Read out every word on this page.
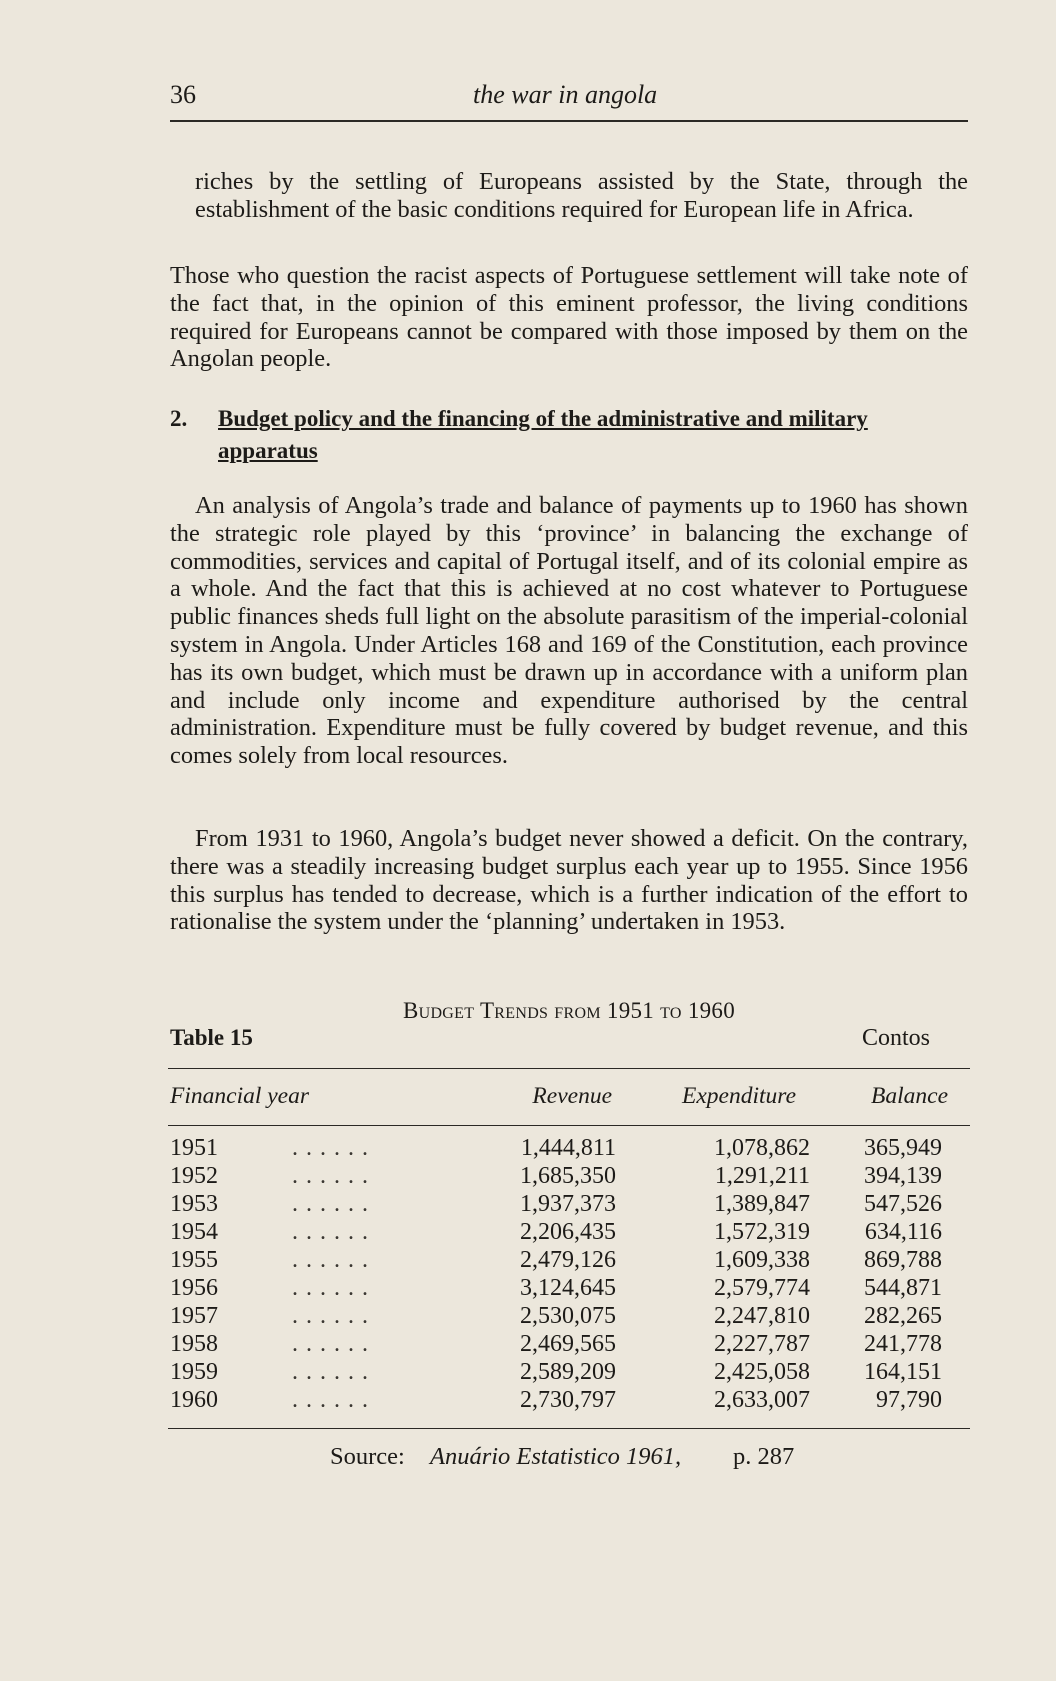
36	the war in angola

riches by the settling of Europeans assisted by the State, through the establishment of the basic conditions required for European life in Africa.

Those who question the racist aspects of Portuguese settlement will take note of the fact that, in the opinion of this eminent professor, the living conditions required for Europeans cannot be compared with those imposed by them on the Angolan people.

2. Budget policy and the financing of the administrative and military
apparatus

An analysis of Angola’s trade and balance of payments up to 1960 has shown the strategic role played by this ‘province’ in balancing the exchange of commodities, services and capital of Portugal itself, and of its colonial empire as a whole. And the fact that this is achieved at no cost whatever to Portuguese public finances sheds full light on the absolute parasitism of the imperial-colonial system in Angola. Under Articles 168 and 169 of the Constitution, each province has its own budget, which must be drawn up in accordance with a uniform plan and include only income and expenditure authorised by the central administration. Expenditure must be fully covered by budget revenue, and this comes solely from local resources.

From 1931 to 1960, Angola’s budget never showed a deficit. On the contrary, there was a steadily increasing budget surplus each year up to 1955. Since 1956 this surplus has tended to decrease, which is a further indication of the effort to rationalise the system under the ‘planning’ undertaken in 1953.

Budget Trends from 1951 to 1960
Table 15	Contos
Financial year	Revenue	Expenditure	Balance
1951	. . . . . .	1,444,811	1,078,862 365,949
1952	. . . . . .	1,685,350	1,291,211 394,139
1953	. . . . . .	1,937,373	1,389,847 547,526
1954	. . . . . .	2,206,435	1,572,319 634,116
1955	. . . . . .	2,479,126	1,609,338 869,788
1956	. . . . . .	3,124,645	2,579,774 544,871
1957	. . . . . .	2,530,075	2,247,810 282,265
1958	. . . . . .	2,469,565	2,227,787 241,778
1959	. . . . . .	2,589,209	2,425,058 164,151
1960	. . . . . .	2,730,797	2,633,007	97,790
Source: Anuário Estatistico 1961, p. 287
